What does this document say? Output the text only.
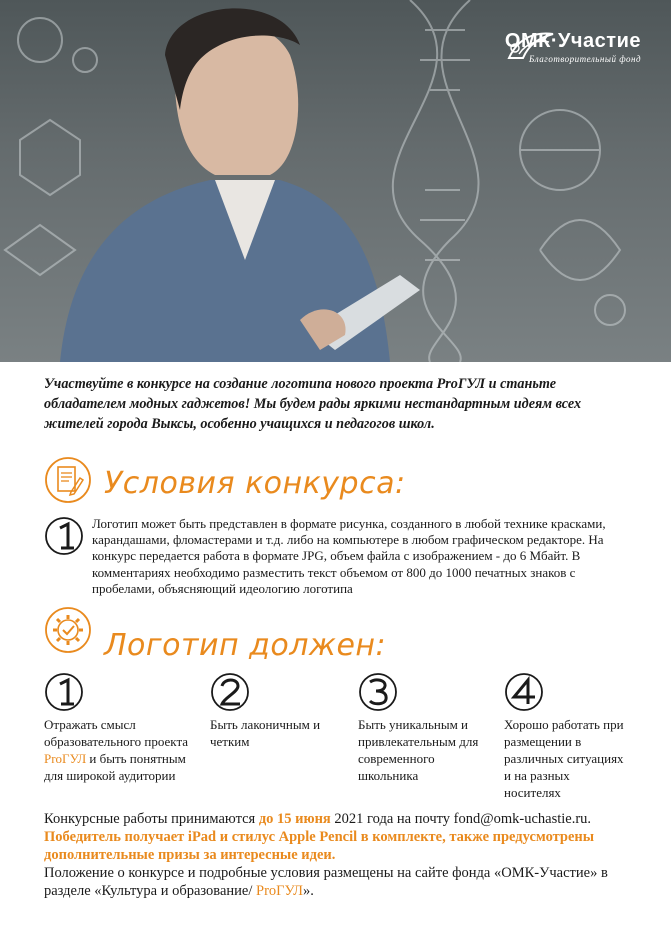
ОМК·Участие
Благотворительный фонд
Участвуйте в конкурсе на создание логотипа нового проекта ProГУЛ и станьте обладателем модных гаджетов! Мы будем рады яркими нестандартным идеям всех жителей города Выксы, особенно учащихся и педагогов школ.
Условия конкурса:
Логотип может быть представлен в формате рисунка, созданного в любой технике красками, карандашами, фломастерами и т.д. либо на компьютере в любом графическом редакторе. На конкурс передается работа в формате JPG, объем файла с изображением - до 6 Мбайт. В комментариях необходимо разместить текст объемом от 800 до 1000 печатных знаков с пробелами, объясняющий идеологию логотипа
Логотип должен:
Отражать смысл образовательного проекта ProГУЛ и быть понятным для широкой аудитории
Быть лаконичным и четким
Быть уникальным и привлекательным для современного школьника
Хорошо работать при размещении в различных ситуациях и на разных носителях

Конкурсные работы принимаются до 15 июня 2021 года на почту fond@omk-uchastie.ru.

Победитель получает iPad и стилус Apple Pencil в комплекте, также предусмотрены дополнительные призы за интересные идеи.

Положение о конкурсе и подробные условия размещены на сайте фонда «ОМК-Участие» в разделе «Культура и образование/ ProГУЛ».
